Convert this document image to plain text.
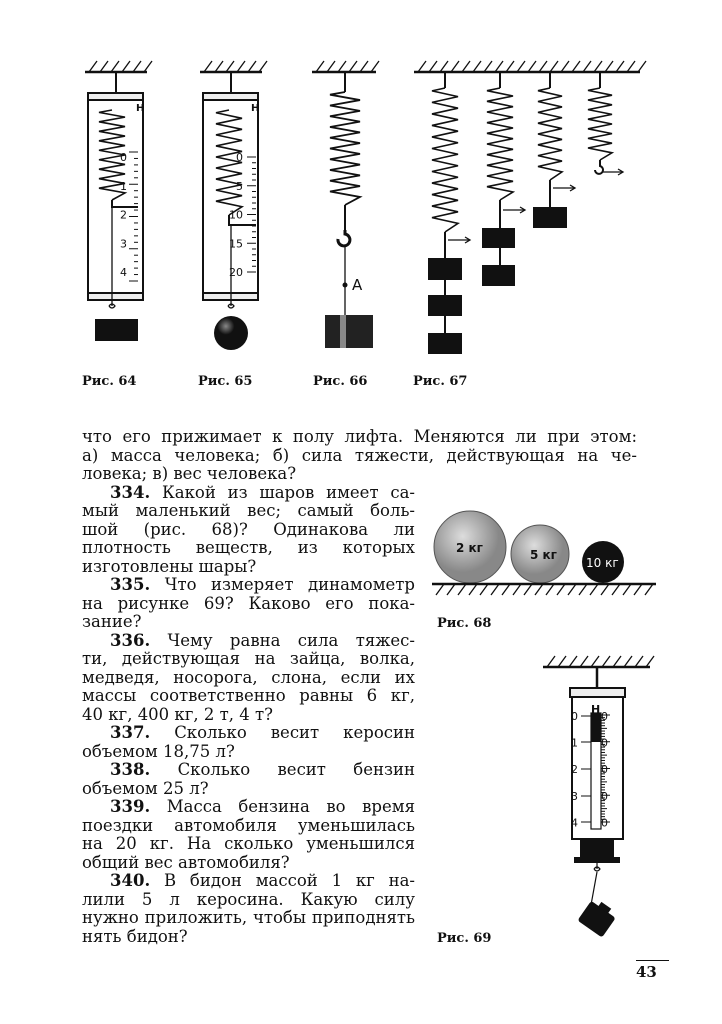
Н
0
1
2
3
4
Рис. 64
Н
0
5
10
15
20
Рис. 65
A
Рис. 66	Рис. 67
2 кг	5 кг
10 кг
Рис. 68
Н
0
1
2
3
4
0
0
0
0
0
Рис. 69
что его прижимает к полу лифта. Меняются ли при этом:
а) масса человека; б) сила тяжести, действующая на че-
ловека; в) вес человека?
334. Какой из шаров имеет са-
мый маленький вес; самый боль-
шой (рис. 68)? Одинакова ли
плотность веществ, из которых
изготовлены шары?
335. Что измеряет динамометр
на рисунке 69? Каково его пока-
зание?
336. Чему равна сила тяжес-
ти, действующая на зайца, волка,
медведя, носорога, слона, если их
массы соответственно равны 6 кг,
40 кг, 400 кг, 2 т, 4 т?
337. Сколько весит керосин
объемом 18,75 л?
338. Сколько весит бензин
объемом 25 л?
339. Масса бензина во время
поездки автомобиля уменьшилась
на 20 кг. На сколько уменьшился
общий вес автомобиля?
340. В бидон массой 1 кг на-
лили 5 л керосина. Какую силу
нужно приложить, чтобы приподнять
нять бидон?
43
